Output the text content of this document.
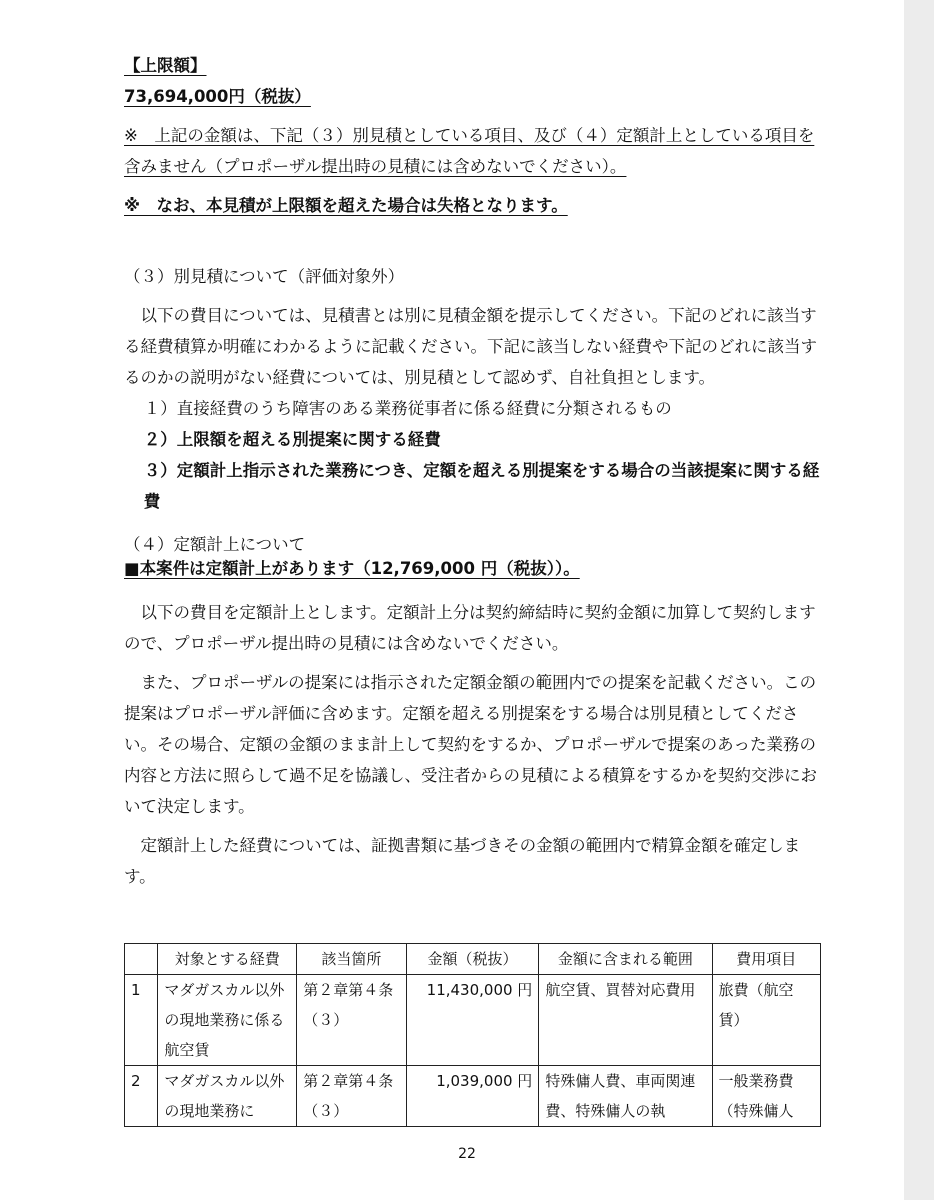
【上限額】

73,694,000円（税抜）

※　上記の金額は、下記（３）別見積としている項目、及び（４）定額計上としている項目を含みません（プロポーザル提出時の見積には含めないでください）。

※　なお、本見積が上限額を超えた場合は失格となります。

（３）別見積について（評価対象外）

以下の費目については、見積書とは別に見積金額を提示してください。下記のどれに該当する経費積算か明確にわかるように記載ください。下記に該当しない経費や下記のどれに該当するのかの説明がない経費については、別見積として認めず、自社負担とします。

１）直接経費のうち障害のある業務従事者に係る経費に分類されるもの

２）上限額を超える別提案に関する経費

３）定額計上指示された業務につき、定額を超える別提案をする場合の当該提案に関する経費

（４）定額計上について

■本案件は定額計上があります（12,769,000 円（税抜））。

以下の費目を定額計上とします。定額計上分は契約締結時に契約金額に加算して契約しますので、プロポーザル提出時の見積には含めないでください。

また、プロポーザルの提案には指示された定額金額の範囲内での提案を記載ください。この提案はプロポーザル評価に含めます。定額を超える別提案をする場合は別見積としてください。その場合、定額の金額のまま計上して契約をするか、プロポーザルで提案のあった業務の内容と方法に照らして過不足を協議し、受注者からの見積による積算をするかを契約交渉において決定します。

定額計上した経費については、証拠書類に基づきその金額の範囲内で精算金額を確定します。

	対象とする経費	該当箇所	金額（税抜）	金額に含まれる範囲	費用項目
1	マダガスカル以外の現地業務に係る航空賃	第２章第４条（３）	11,430,000 円	航空賃、買替対応費用	旅費（航空賃）
2	マダガスカル以外の現地業務に	第２章第４条（３）	1,039,000 円	特殊傭人費、車両関連費、特殊傭人の執	一般業務費（特殊傭人
22
